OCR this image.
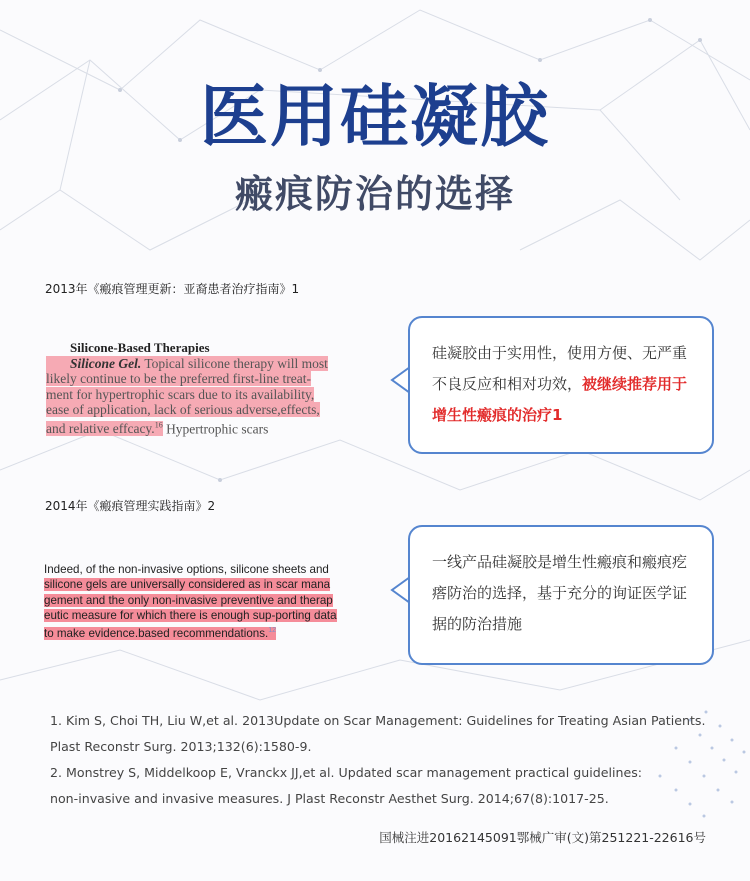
医用硅凝胶
瘢痕防治的选择
2013年《瘢痕管理更新：亚裔患者治疗指南》1
Silicone-Based Therapies
Silicone Gel. Topical silicone therapy will most
likely continue to be the preferred first-line treat-
ment for hypertrophic scars due to its availability,
ease of application, lack of serious adverse,effects,
and relative effcacy.$^{16}$ Hypertrophic scars
硅凝胶由于实用性，使用方便、无严重不良反应和相对功效，被继续推荐用于增生性瘢痕的治疗1
2014年《瘢痕管理实践指南》2
Indeed, of the non-invasive options, silicone sheets and
silicone gels are universally considered as in scar mana
gement and the only non-invasive preventive and therap
eutic measure for which there is enough sup-porting data
to make evidence.based recommendations.$^{12}$
一线产品硅凝胶是增生性瘢痕和瘢痕疙瘩防治的选择，基于充分的询证医学证据的防治措施

1. Kim S, Choi TH, Liu W,et al. 2013Update on Scar Management: Guidelines for Treating Asian Patients.

Plast Reconstr Surg. 2013;132(6):1580-9.

2. Monstrey S, Middelkoop E, Vranckx JJ,et al. Updated scar management practical guidelines:

non-invasive and invasive measures. J Plast Reconstr Aesthet Surg. 2014;67(8):1017-25.

国械注进20162145091鄂械广审(文)第251221-22616号
